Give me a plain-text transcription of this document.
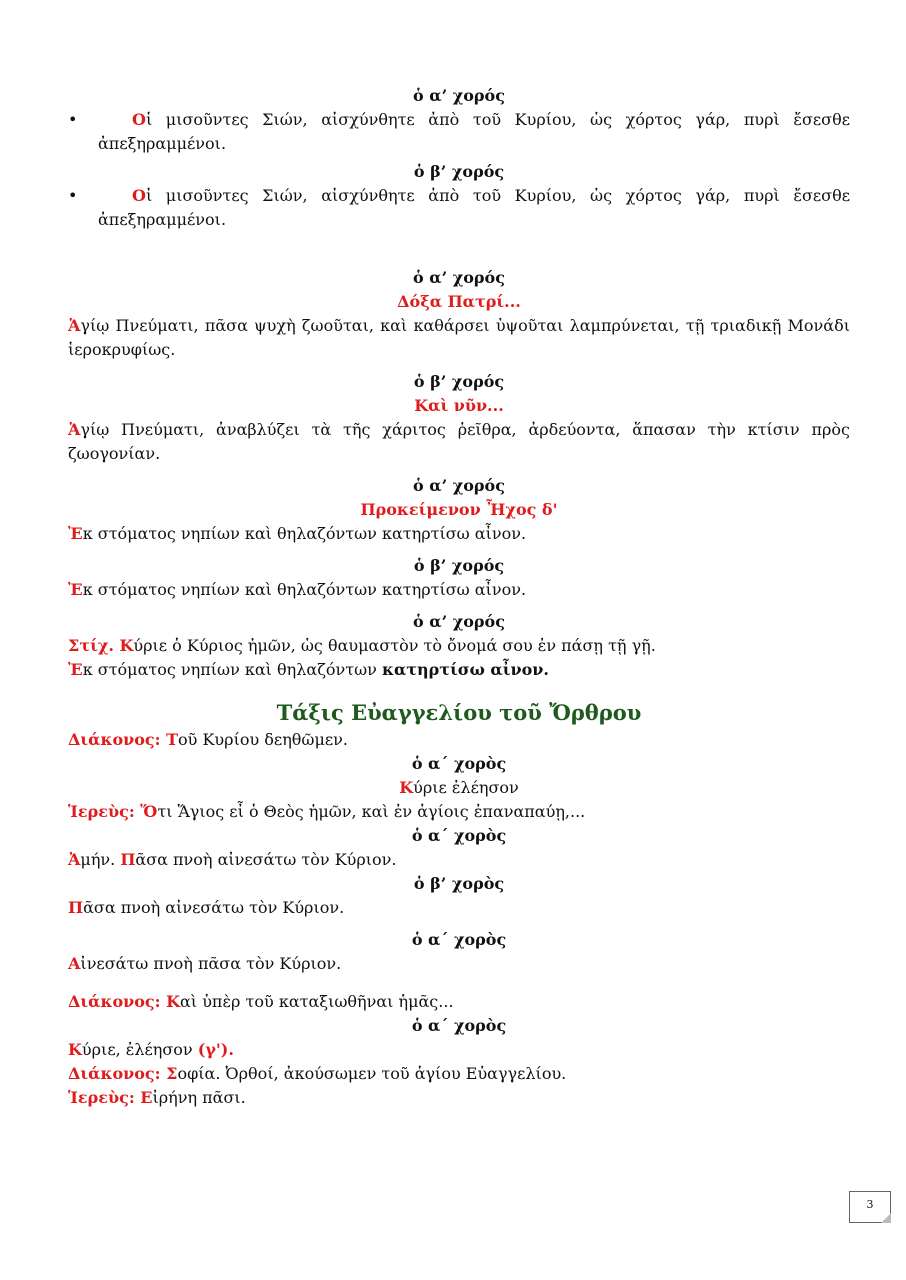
ὁ α’ χορός
•	Οἱ μισοῦντες Σιών, αἰσχύνθητε ἀπὸ τοῦ Κυρίου, ὡς χόρτος γάρ, πυρὶ ἔσεσθε ἀπεξηραμμένοι.
ὁ β’ χορός
•	Οἱ μισοῦντες Σιών, αἰσχύνθητε ἀπὸ τοῦ Κυρίου, ὡς χόρτος γάρ, πυρὶ ἔσεσθε ἀπεξηραμμένοι.
ὁ α’ χορός
Δόξα Πατρί...
Ἁγίῳ Πνεύματι, πᾶσα ψυχὴ ζωοῦται, καὶ καθάρσει ὑψοῦται λαμπρύνεται, τῇ τριαδικῇ Μονάδι ἱεροκρυφίως.
ὁ β’ χορός
Καὶ νῦν...
Ἁγίῳ Πνεύματι, ἀναβλύζει τὰ τῆς χάριτος ῥεῖθρα, ἀρδεύοντα, ἅπασαν τὴν κτίσιν πρὸς ζωογονίαν.
ὁ α’ χορός
Προκείμενον Ἦχος δ'
Ἐκ στόματος νηπίων καὶ θηλαζόντων κατηρτίσω αἶνον.
ὁ β’ χορός
Ἐκ στόματος νηπίων καὶ θηλαζόντων κατηρτίσω αἶνον.
ὁ α’ χορός
Στίχ. Κύριε ὁ Κύριος ἡμῶν, ὡς θαυμαστὸν τὸ ὄνομά σου ἐν πάσῃ τῇ γῇ.
Ἐκ στόματος νηπίων καὶ θηλαζόντων κατηρτίσω αἶνον.
Τάξις Εὐαγγελίου τοῦ Ὄρθρου
Διάκονος: Τοῦ Κυρίου δεηθῶμεν.
ὁ α΄ χορὸς
Κύριε ἐλέησον
Ἱερεὺς: Ὅτι Ἅγιος εἶ ὁ Θεὸς ἡμῶν, καὶ ἐν ἁγίοις ἐπαναπαύῃ,...
ὁ α΄ χορὸς
Ἀμήν. Πᾶσα πνοὴ αἰνεσάτω τὸν Κύριον.
ὁ β’ χορὸς
Πᾶσα πνοὴ αἰνεσάτω τὸν Κύριον.
ὁ α΄ χορὸς
Αἰνεσάτω πνοὴ πᾶσα τὸν Κύριον.
Διάκονος: Καὶ ὑπὲρ τοῦ καταξιωθῆναι ἡμᾶς...
ὁ α΄ χορὸς
Κύριε, ἐλέησον (γ').
Διάκονος: Σοφία. Ὀρθοί, ἀκούσωμεν τοῦ ἁγίου Εὐαγγελίου.
Ἱερεὺς: Εἰρήνη πᾶσι.
3
